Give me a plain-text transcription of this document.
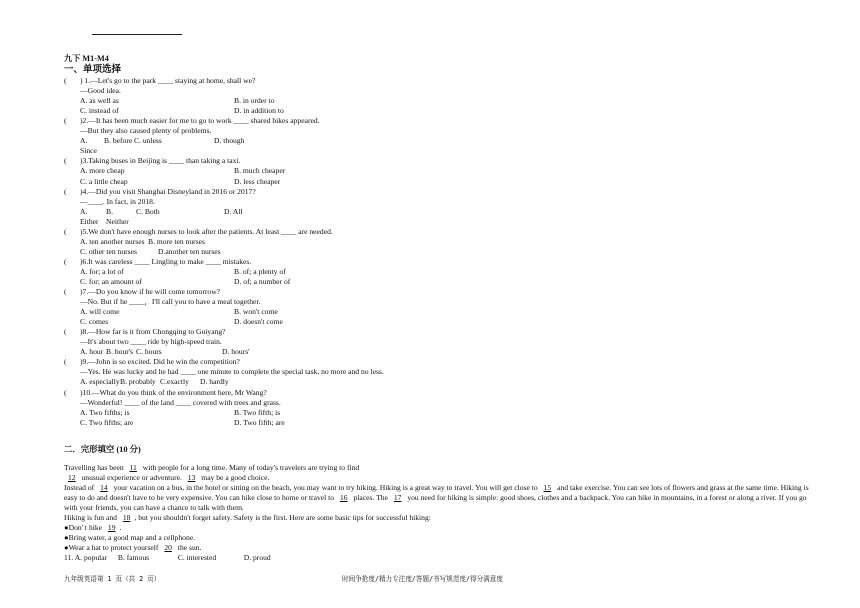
九下 M1-M4
一、单项选择
(	) 1. —Let's go to the park ____ staying at home, shall we?
—Good idea.
A. as well as	B. in order to
C. instead of	D. in addition to
(	)2. —It has been much easier for me to go to work ____ shared bikes appeared.
—But they also caused plenty of problems.
A. Since
B. before C. unless	D. though
(	)3. Taking buses in Beijing is ____ than taking a taxi.
A. more cheap	B. much cheaper
C. a little cheap	D. less cheaper
(	)4. —Did you visit Shanghai Disneyland in 2016 or 2017?
—____. In fact, in 2018.
A. Either
B. Neither
C. Both	D. All
(	)5. We don't have enough nurses to look after the patients. At least ____ are needed.
A. ten another nurses B. more ten nurses
C. other ten nurses	D.another ten nurses
(	)6. It was careless ____ Lingling to make ____ mistakes.
A. for; a lot of	B. of; a plenty of
C. for; an amount of	D. of; a number of
(	)7. —Do you know if he will come tomorrow?
—No. But if he ____，I'll call you to have a meal together.
A. will come	B. won't come
C. comes	D. doesn't come
(	)8. —How far is it from Chongqing to Guiyang?
—It's about two ____ ride by high-speed train.
A. hour B. hour's C. hours	D. hours'
(	)9. —John is so excited. Did he win the competition?
—Yes. He was lucky and he had ____ one minute to complete the special task, no more and no less.
A. especially B. probably C.exactly	D. hardly
(	)10. —What do you think of the environment here, Mr Wang?
—Wonderful! ____ of the land ____ covered with trees and grass.
A. Two fifths; is	B. Two fifth; is
C. Two fifths; are	D. Two fifth; are
二．完形填空 (10 分)
Travelling has been 11 with people for a long time. Many of today's travelers are trying to find
12 unusual experience or adventure. 13 may be a good choice.
Instead of 14 your vacation on a bus, in the hotel or sitting on the beach, you may want to try hiking. Hiking is a great way to travel. You will get close to 15 and take exercise. You can see lots of flowers and grass at the same time. Hiking is easy to do and doesn't have to be very expensive. You can hike close to home or travel to 16 places. The 17 you need for hiking is simple: good shoes, clothes and a backpack. You can hike in mountains, in a forest or along a river. If you go with your friends, you can have a chance to talk with them.
Hiking is fun and 18 , but you shouldn't forget safety. Safety is the first. Here are some basic tips for successful hiking:
●Don' t hike 19 .
●Bring water, a good map and a cellphone.
●Wear a hat to protect yourself 20 the sun.
11. A. popular B. famous	C. interested	D. proud
九年级英语第 1 页（共 2 页）	时间争抢度/精力专注度/答题/书写规范度/得分满意度
